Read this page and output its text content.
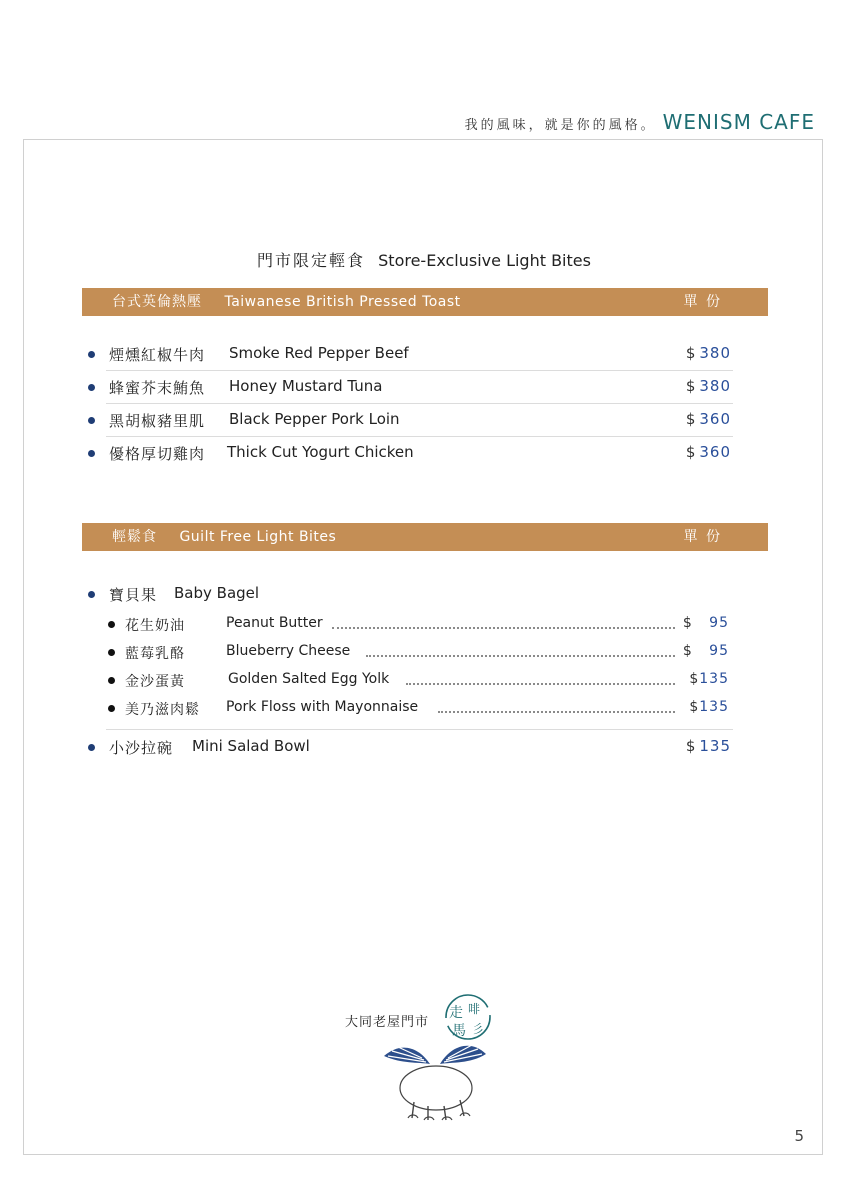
我的風味，就是你的風格。 WENISM CAFE
門市限定輕食 Store-Exclusive Light Bites
台式英倫熱壓 Taiwanese British Pressed Toast	單 份
煙燻紅椒牛肉 Smoke Red Pepper Beef	$ 380
蜂蜜芥末鮪魚 Honey Mustard Tuna	$ 380
黑胡椒豬里肌 Black Pepper Pork Loin	$ 360
優格厚切雞肉 Thick Cut Yogurt Chicken	$ 360
輕鬆食 Guilt Free Light Bites	單 份
寶貝果 Baby Bagel
花生奶油	Peanut Butter	$ 95
藍莓乳酪	Blueberry Cheese	$ 95
金沙蛋黃	Golden Salted Egg Yolk	$135
美乃滋肉鬆 Pork Floss with Mayonnaise	$135
小沙拉碗 Mini Salad Bowl	$ 135
大同老屋門市
走 啡
馬 彡
5
